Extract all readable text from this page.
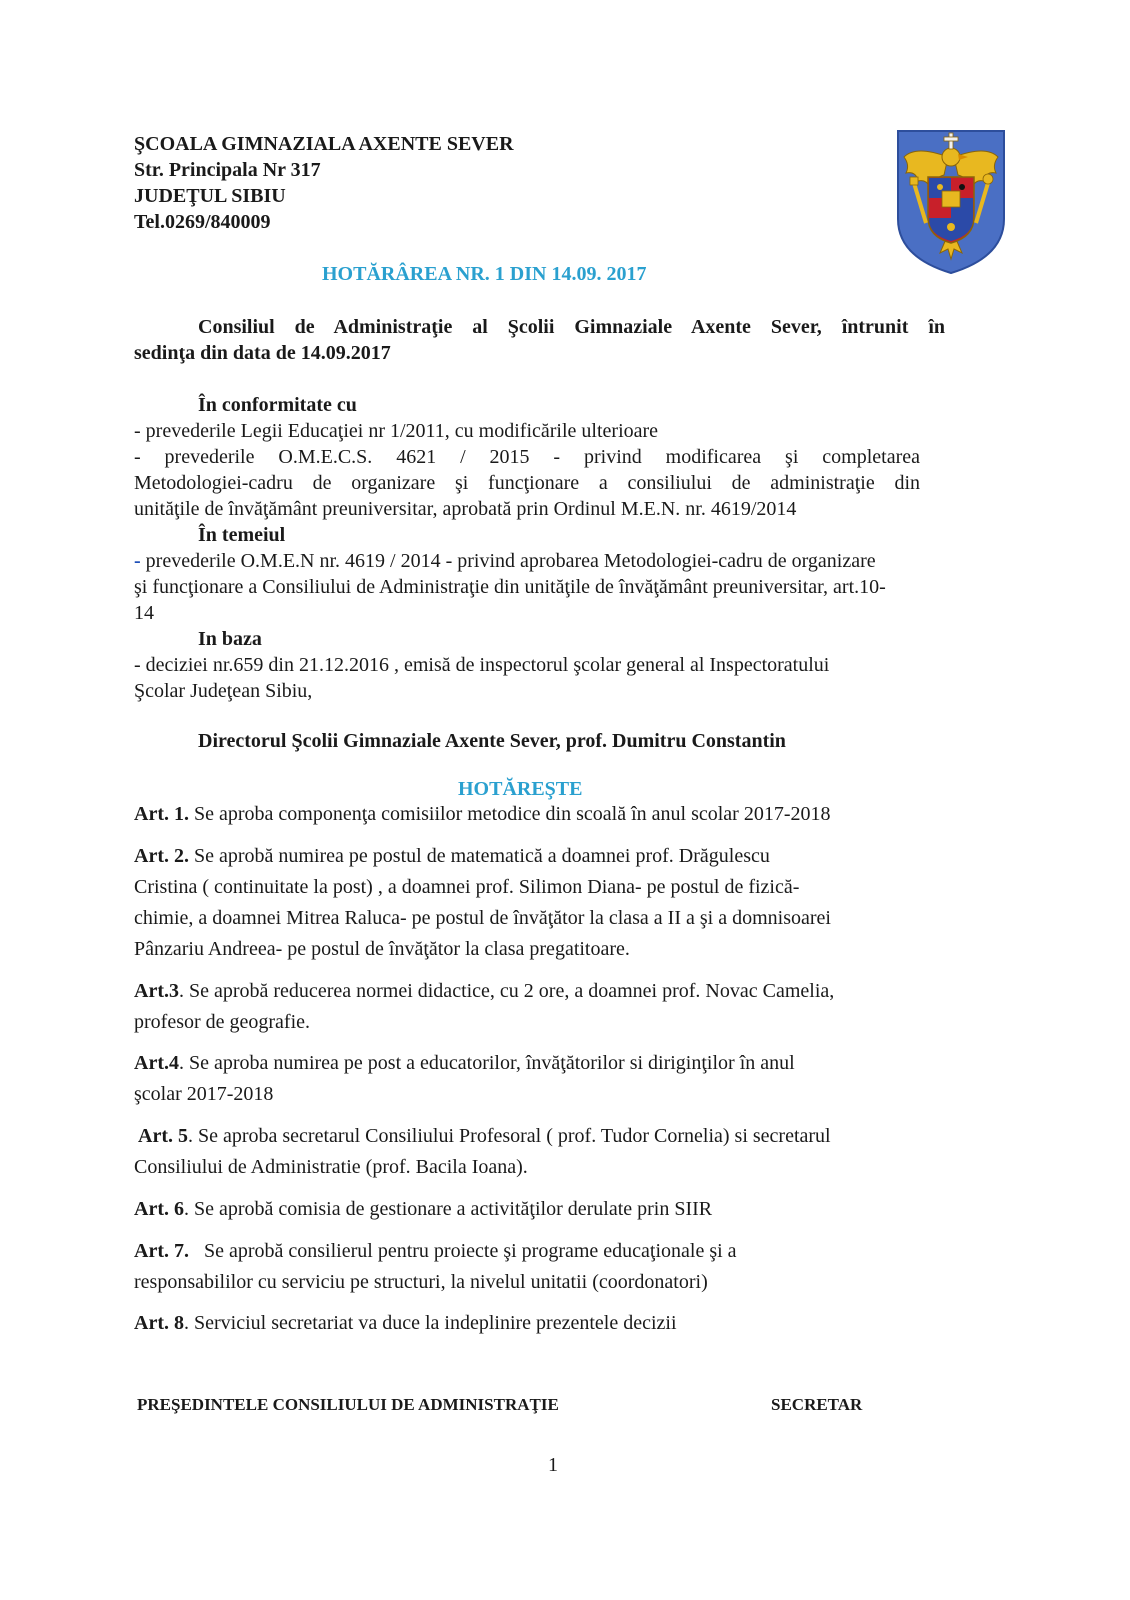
ŞCOALA GIMNAZIALA AXENTE SEVER
Str. Principala Nr 317
JUDEŢUL SIBIU
Tel.0269/840009
HOTĂRÂREA NR. 1 DIN 14.09. 2017
Consiliul de Administraţie al Şcolii Gimnaziale Axente Sever, întrunit în
sedinţa din data de 14.09.2017
În conformitate cu
- prevederile Legii Educaţiei nr 1/2011, cu modificările ulterioare
- prevederile O.M.E.C.S. 4621 / 2015 - privind modificarea şi completarea
Metodologiei-cadru de organizare şi funcţionare a consiliului de administraţie din
unităţile de învăţământ preuniversitar, aprobată prin Ordinul M.E.N. nr. 4619/2014
În temeiul
- prevederile O.M.E.N nr. 4619 / 2014 - privind aprobarea Metodologiei-cadru de organizare
şi funcţionare a Consiliului de Administraţie din unităţile de învăţământ preuniversitar, art.10-
14
In baza
- deciziei nr.659 din 21.12.2016 , emisă de inspectorul şcolar general al Inspectoratului
Şcolar Judeţean Sibiu,
Directorul Şcolii Gimnaziale Axente Sever, prof. Dumitru Constantin
HOTĂREŞTE
Art. 1. Se aproba componenţa comisiilor metodice din scoală în anul scolar 2017-2018
Art. 2. Se aprobă numirea pe postul de matematică a doamnei prof. Drăgulescu
Cristina ( continuitate la post) , a doamnei prof. Silimon Diana- pe postul de fizică-
chimie, a doamnei Mitrea Raluca- pe postul de învăţător la clasa a II a şi a domnisoarei
Pânzariu Andreea- pe postul de învăţător la clasa pregatitoare.
Art.3. Se aprobă reducerea normei didactice, cu 2 ore, a doamnei prof. Novac Camelia,
profesor de geografie.
Art.4. Se aproba numirea pe post a educatorilor, învăţătorilor si diriginţilor în anul
şcolar 2017-2018
Art. 5. Se aproba secretarul Consiliului Profesoral ( prof. Tudor Cornelia) si secretarul
Consiliului de Administratie (prof. Bacila Ioana).
Art. 6. Se aprobă comisia de gestionare a activităţilor derulate prin SIIR
Art. 7.   Se aprobă consilierul pentru proiecte şi programe educaţionale şi a
responsabililor cu serviciu pe structuri, la nivelul unitatii (coordonatori)
Art. 8. Serviciul secretariat va duce la indeplinire prezentele decizii
PREŞEDINTELE CONSILIULUI DE ADMINISTRAŢIE	SECRETAR
1
